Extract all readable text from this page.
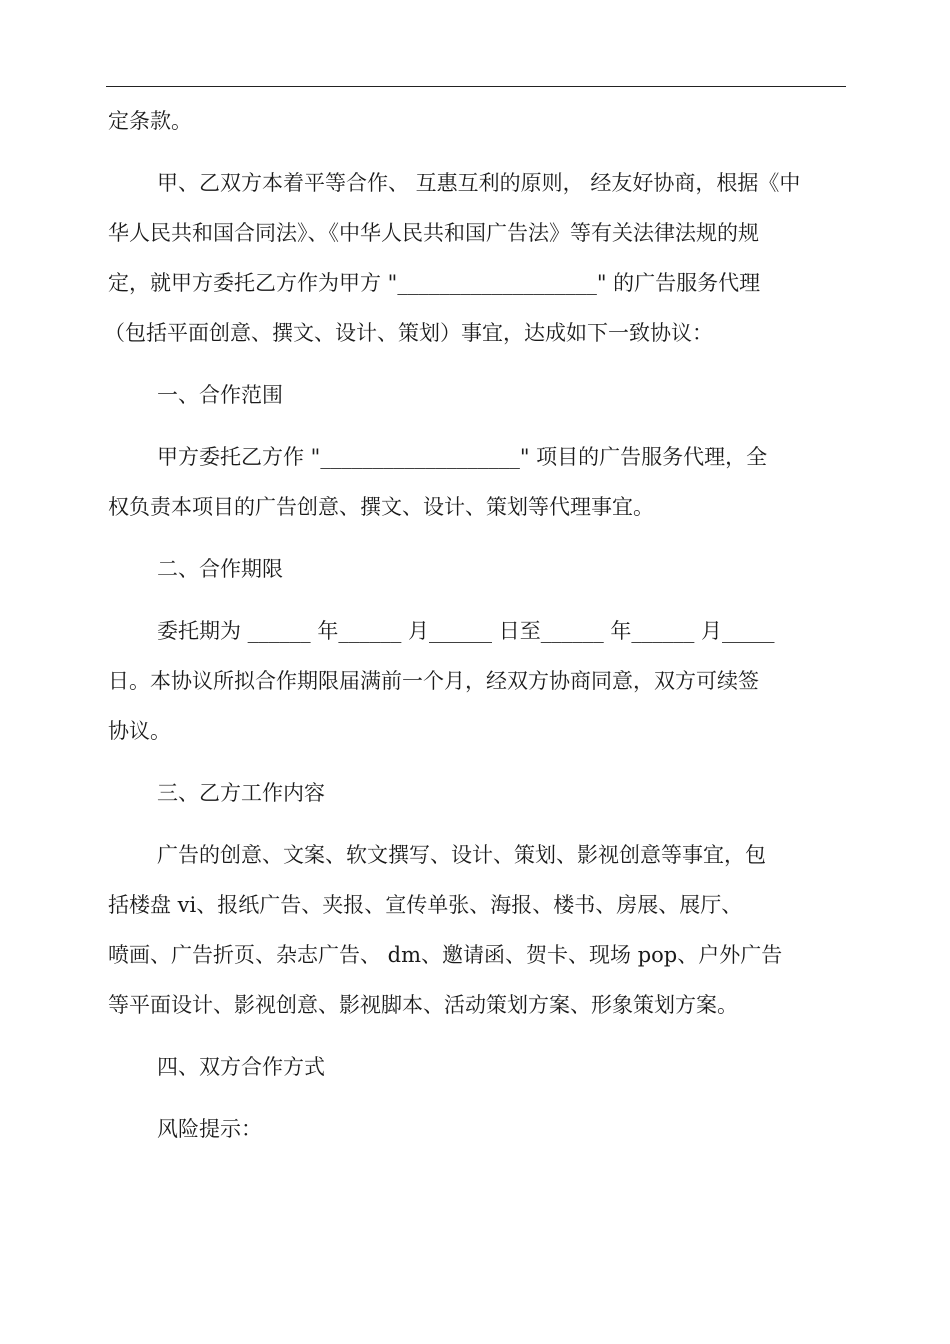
定条款。

甲、乙双方本着平等合作、 互惠互利的原则， 经友好协商，根据《中

华人民共和国合同法》、《中华人民共和国广告法》等有关法律法规的规

定，就甲方委托乙方作为甲方 "___________________" 的广告服务代理

（包括平面创意、撰文、设计、策划）事宜，达成如下一致协议：

一、合作范围

甲方委托乙方作 "___________________" 项目的广告服务代理，全

权负责本项目的广告创意、撰文、设计、策划等代理事宜。

二、合作期限

委托期为 ______ 年______ 月______ 日至______ 年______ 月_____

日。本协议所拟合作期限届满前一个月，经双方协商同意，双方可续签

协议。

三、乙方工作内容

广告的创意、文案、软文撰写、设计、策划、影视创意等事宜，包

括楼盘 vi、报纸广告、夹报、宣传单张、海报、楼书、房展、展厅、

喷画、广告折页、杂志广告、 dm、邀请函、贺卡、现场 pop、户外广告

等平面设计、影视创意、影视脚本、活动策划方案、形象策划方案。

四、双方合作方式

风险提示：
